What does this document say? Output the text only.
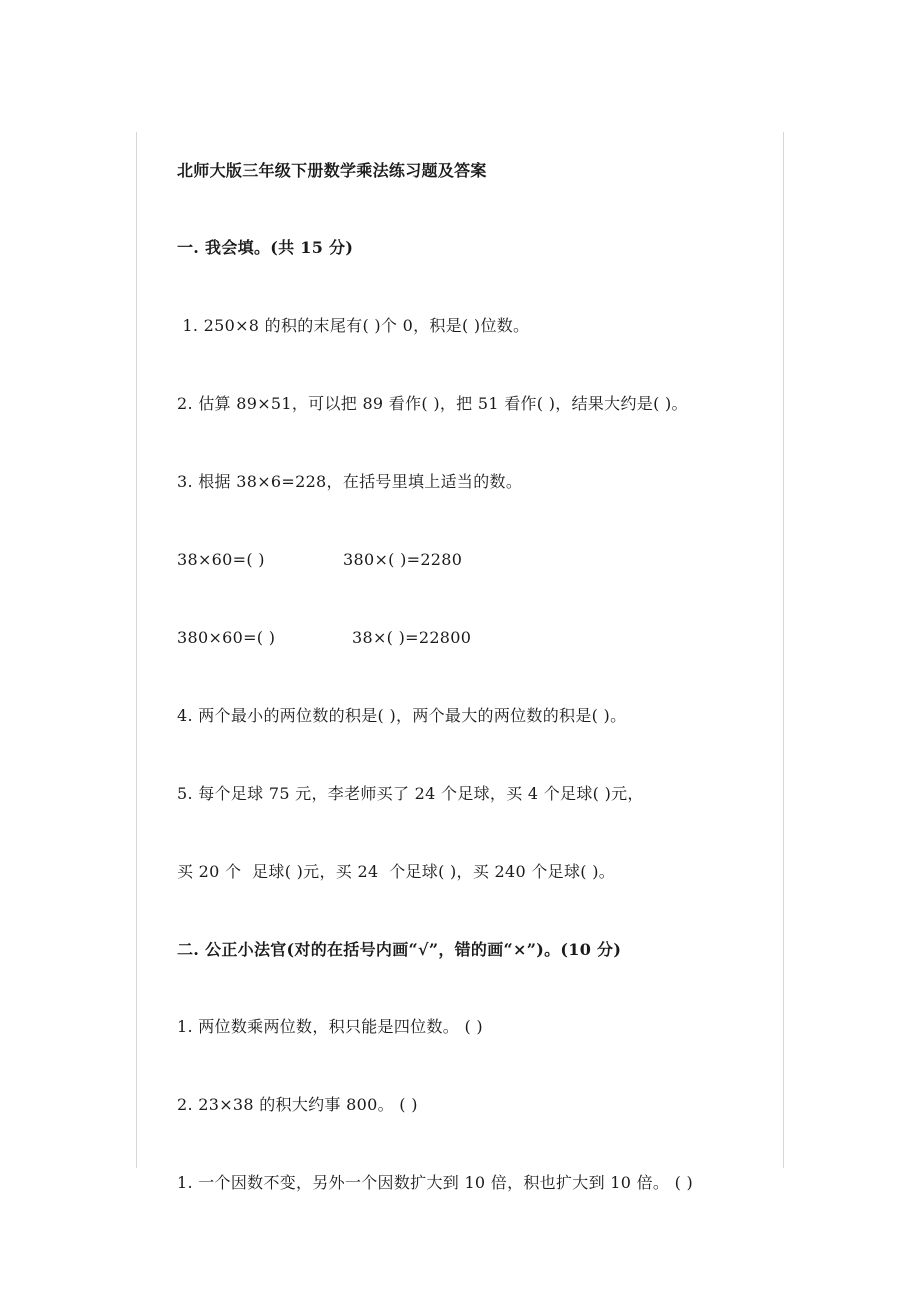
北师大版三年级下册数学乘法练习题及答案
一. 我会填。(共 15 分)
1. 250×8 的积的末尾有( )个 0，积是( )位数。
2. 估算 89×51，可以把 89 看作( )，把 51 看作( )，结果大约是( )。
3. 根据 38×6=228，在括号里填上适当的数。
38×60=( )	380×( )=2280
380×60=( )	38×( )=22800
4. 两个最小的两位数的积是( )，两个最大的两位数的积是( )。
5. 每个足球 75 元，李老师买了 24 个足球，买 4 个足球( )元，
买 20 个  足球( )元，买 24  个足球( )，买 240 个足球( )。
二. 公正小法官(对的在括号内画“√”，错的画“×”)。(10 分)
1. 两位数乘两位数，积只能是四位数。 ( )
2. 23×38 的积大约事 800。 ( )
1. 一个因数不变，另外一个因数扩大到 10 倍，积也扩大到 10 倍。 ( )
